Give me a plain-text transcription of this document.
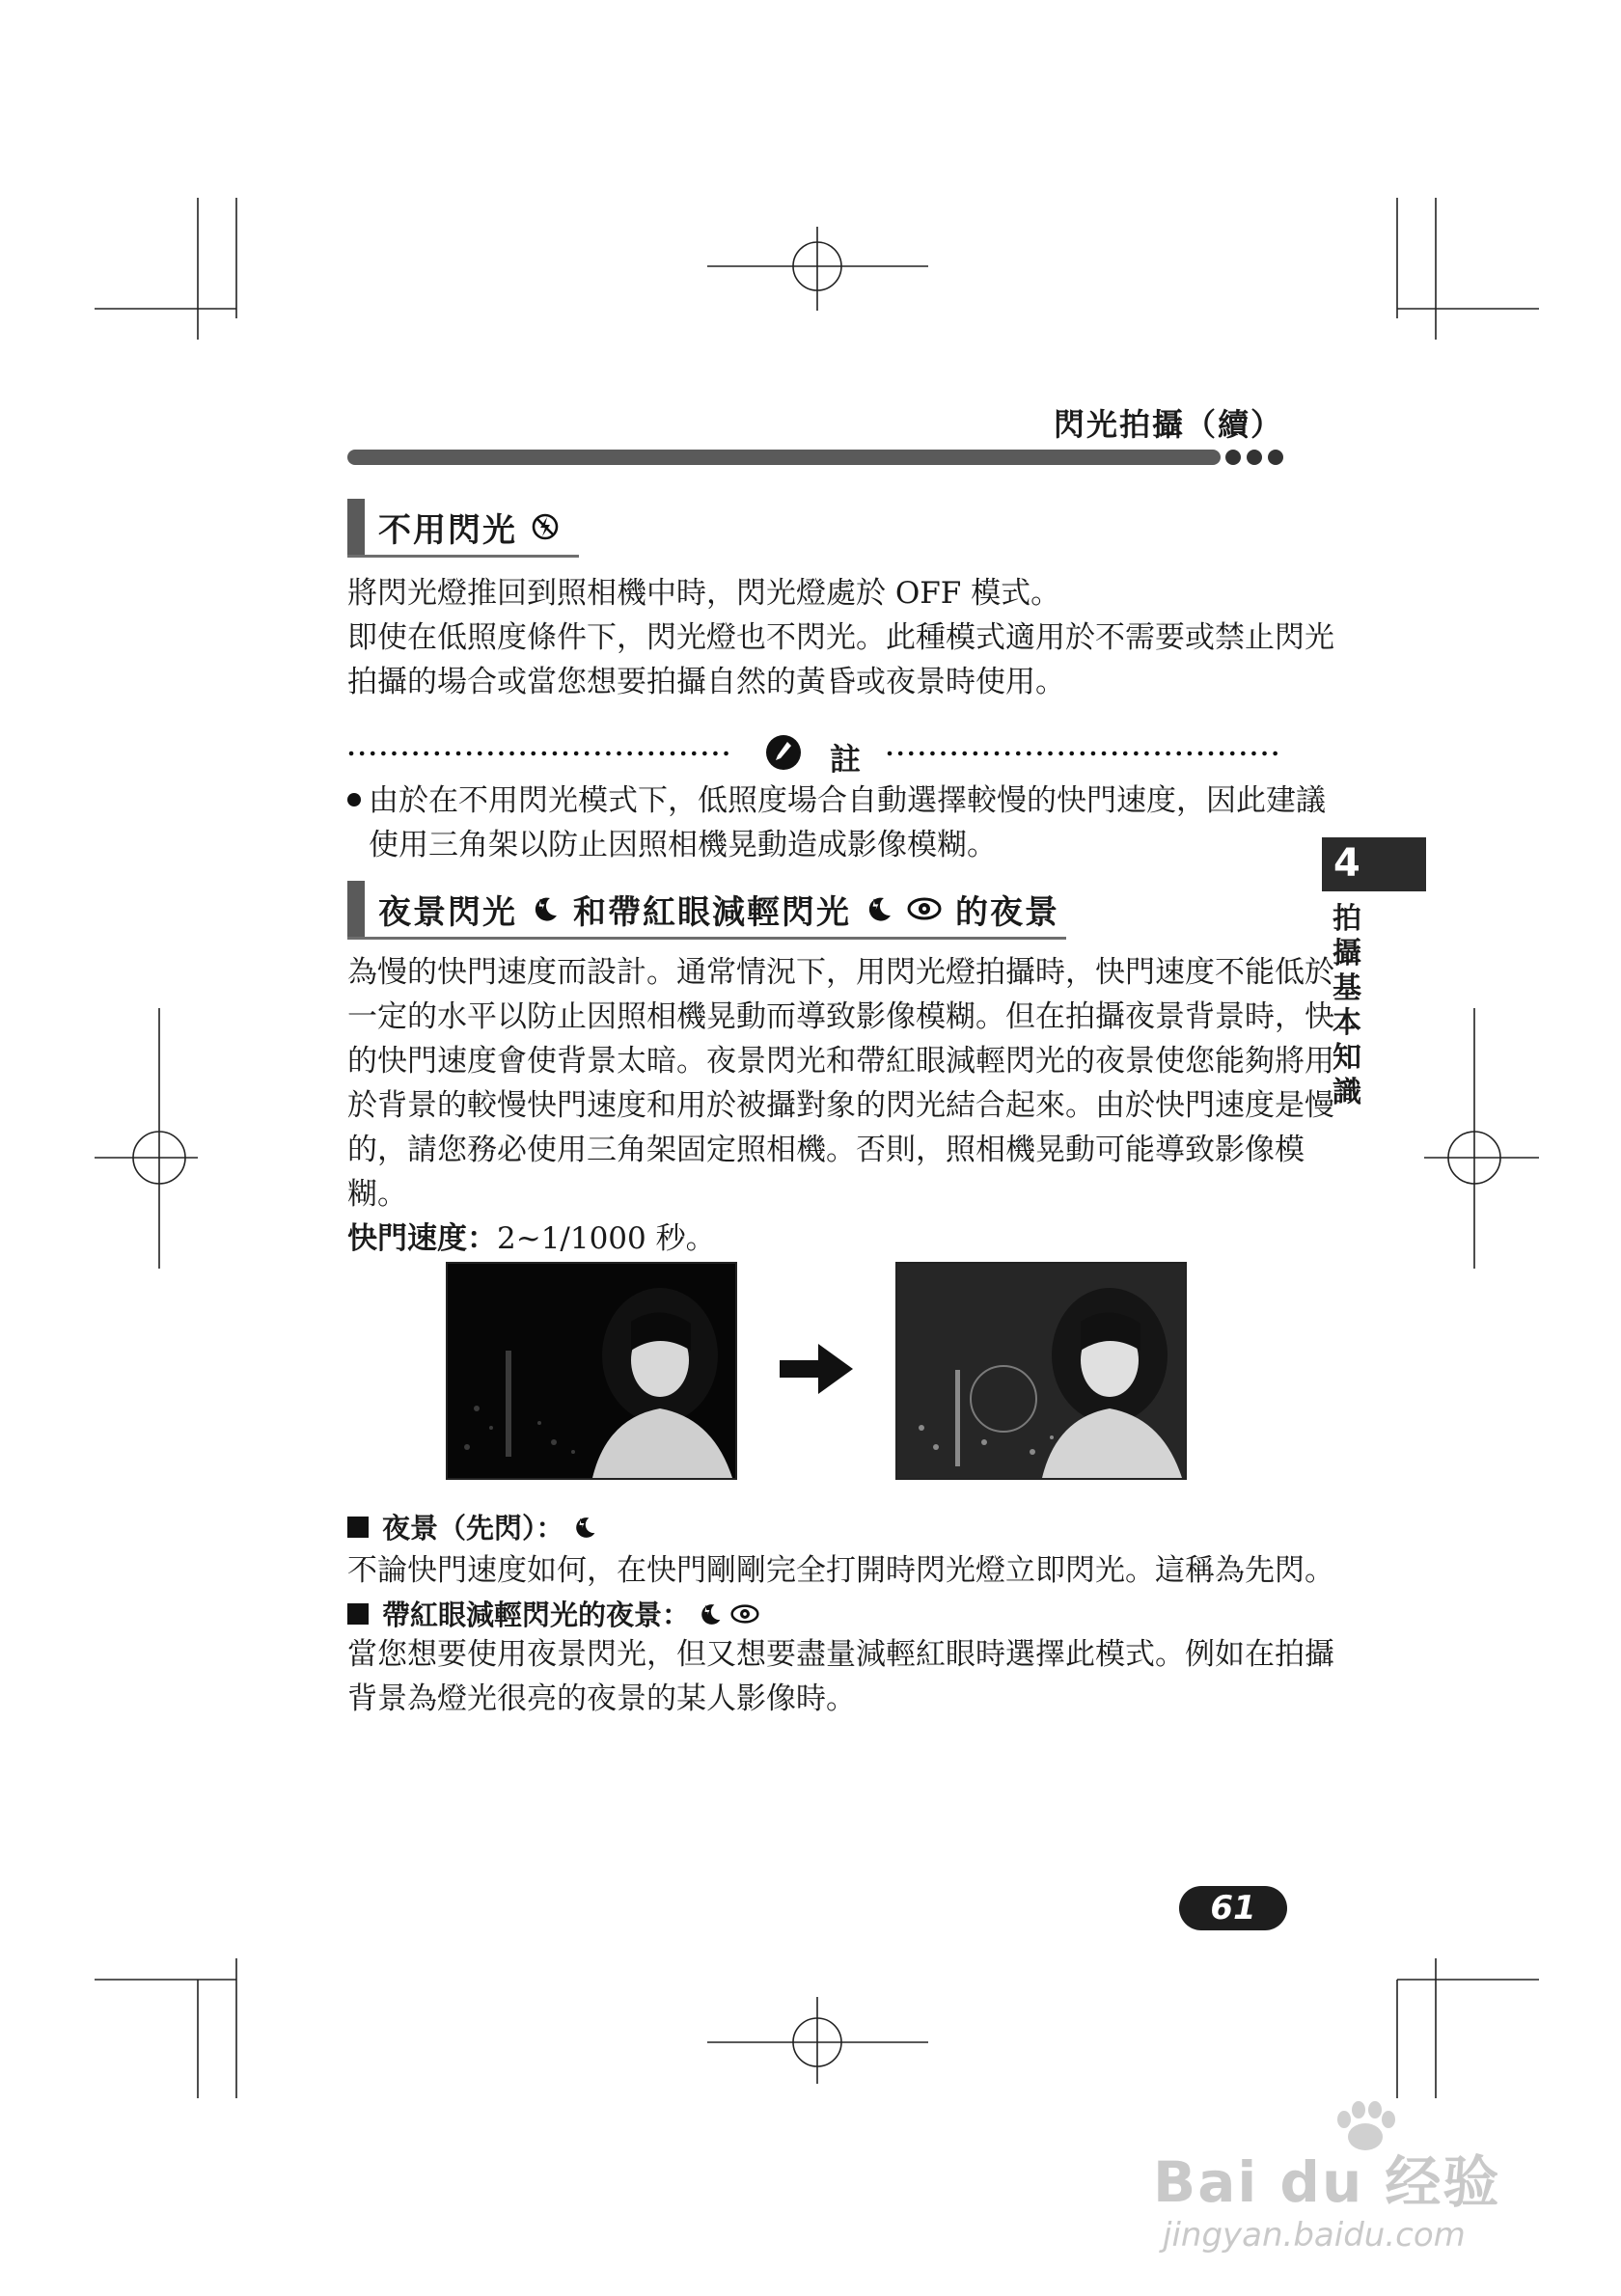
閃光拍攝（續）
不用閃光

將閃光燈推回到照相機中時，閃光燈處於 OFF 模式。

即使在低照度條件下，閃光燈也不閃光。此種模式適用於不需要或禁止閃光

拍攝的場合或當您想要拍攝自然的黃昏或夜景時使用。

註

由於在不用閃光模式下，低照度場合自動選擇較慢的快門速度，因此建議

使用三角架以防止因照相機晃動造成影像模糊。

夜景閃光 和帶紅眼減輕閃光	的夜景

為慢的快門速度而設計。通常情況下，用閃光燈拍攝時，快門速度不能低於

一定的水平以防止因照相機晃動而導致影像模糊。但在拍攝夜景背景時，快

的快門速度會使背景太暗。夜景閃光和帶紅眼減輕閃光的夜景使您能夠將用

於背景的較慢快門速度和用於被攝對象的閃光結合起來。由於快門速度是慢

的，請您務必使用三角架固定照相機。否則，照相機晃動可能導致影像模

糊。

快門速度：2~1/1000 秒。

夜景（先閃）：

不論快門速度如何，在快門剛剛完全打開時閃光燈立即閃光。這稱為先閃。

帶紅眼減輕閃光的夜景：

當您想要使用夜景閃光，但又想要盡量減輕紅眼時選擇此模式。例如在拍攝

背景為燈光很亮的夜景的某人影像時。

4
拍
攝
基
本
知
識
61
Bai du 经验
jingyan.baidu.com
